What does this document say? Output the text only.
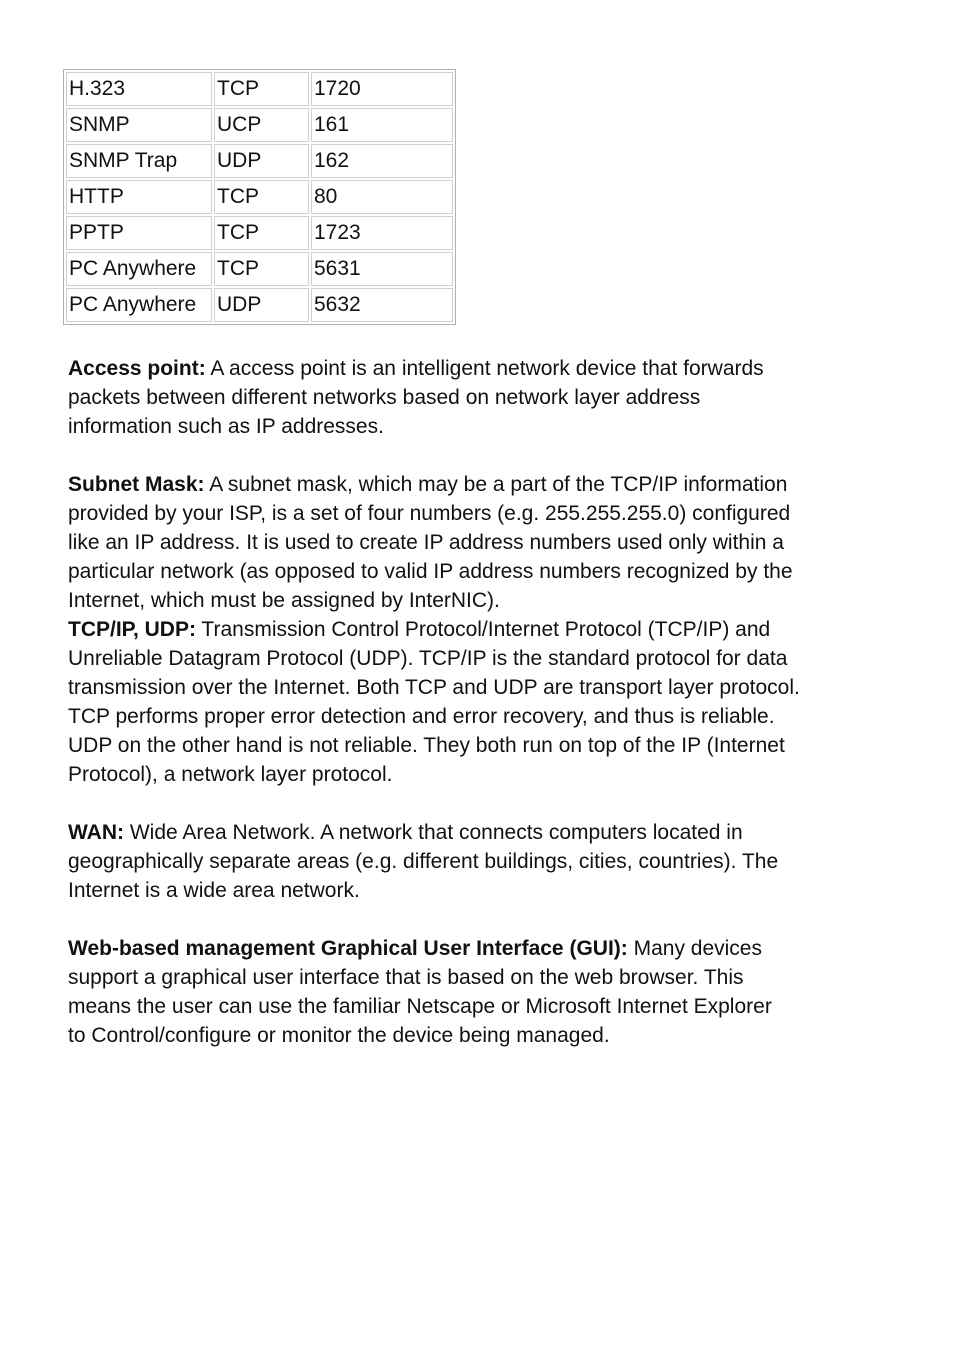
H.323	TCP	1720
SNMP	UCP	161
SNMP Trap	UDP	162
HTTP	TCP	80
PPTP	TCP	1723
PC Anywhere	TCP	5631
PC Anywhere	UDP	5632

Access point: A access point is an intelligent network device that forwards
packets between different networks based on network layer address
information such as IP addresses.

Subnet Mask: A subnet mask, which may be a part of the TCP/IP information
provided by your ISP, is a set of four numbers (e.g. 255.255.255.0) configured
like an IP address. It is used to create IP address numbers used only within a
particular network (as opposed to valid IP address numbers recognized by the
Internet, which must be assigned by InterNIC).

TCP/IP, UDP: Transmission Control Protocol/Internet Protocol (TCP/IP) and
Unreliable Datagram Protocol (UDP). TCP/IP is the standard protocol for data
transmission over the Internet. Both TCP and UDP are transport layer protocol.
TCP performs proper error detection and error recovery, and thus is reliable.
UDP on the other hand is not reliable. They both run on top of the IP (Internet
Protocol), a network layer protocol.

WAN: Wide Area Network. A network that connects computers located in
geographically separate areas (e.g. different buildings, cities, countries). The
Internet is a wide area network.

Web-based management Graphical User Interface (GUI): Many devices
support a graphical user interface that is based on the web browser. This
means the user can use the familiar Netscape or Microsoft Internet Explorer
to Control/configure or monitor the device being managed.
